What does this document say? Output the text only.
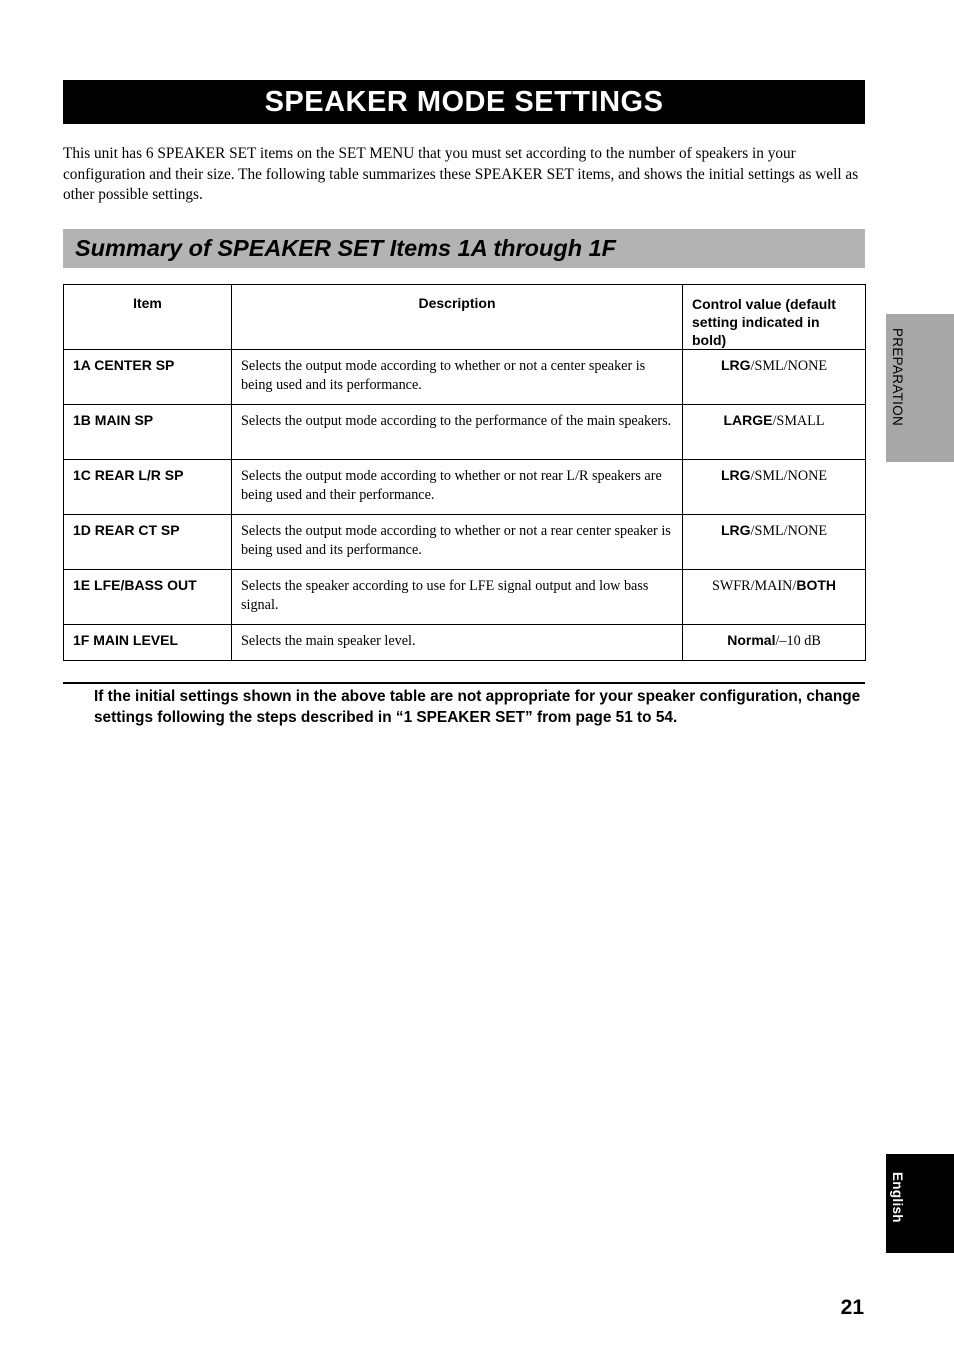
SPEAKER MODE SETTINGS

This unit has 6 SPEAKER SET items on the SET MENU that you must set according to the number of speakers in your configuration and their size. The following table summarizes these SPEAKER SET items, and shows the initial settings as well as other possible settings.

Summary of SPEAKER SET Items 1A through 1F
Item	Description	Control value (default setting indicated in bold)
1A CENTER SP	Selects the output mode according to whether or not a center speaker is being used and its performance.	LRG/SML/NONE
1B MAIN SP	Selects the output mode according to the performance of the main speakers.	LARGE/SMALL
1C REAR L/R SP	Selects the output mode according to whether or not rear L/R speakers are being used and their performance.	LRG/SML/NONE
1D REAR CT SP	Selects the output mode according to whether or not a rear center speaker is being used and its performance.	LRG/SML/NONE
1E LFE/BASS OUT	Selects the speaker according to use for LFE signal output and low bass signal.	SWFR/MAIN/BOTH
1F MAIN LEVEL	Selects the main speaker level.	Normal/–10 dB

If the initial settings shown in the above table are not appropriate for your speaker configuration, change settings following the steps described in “1 SPEAKER SET” from page 51 to 54.

PREPARATION
English
21
